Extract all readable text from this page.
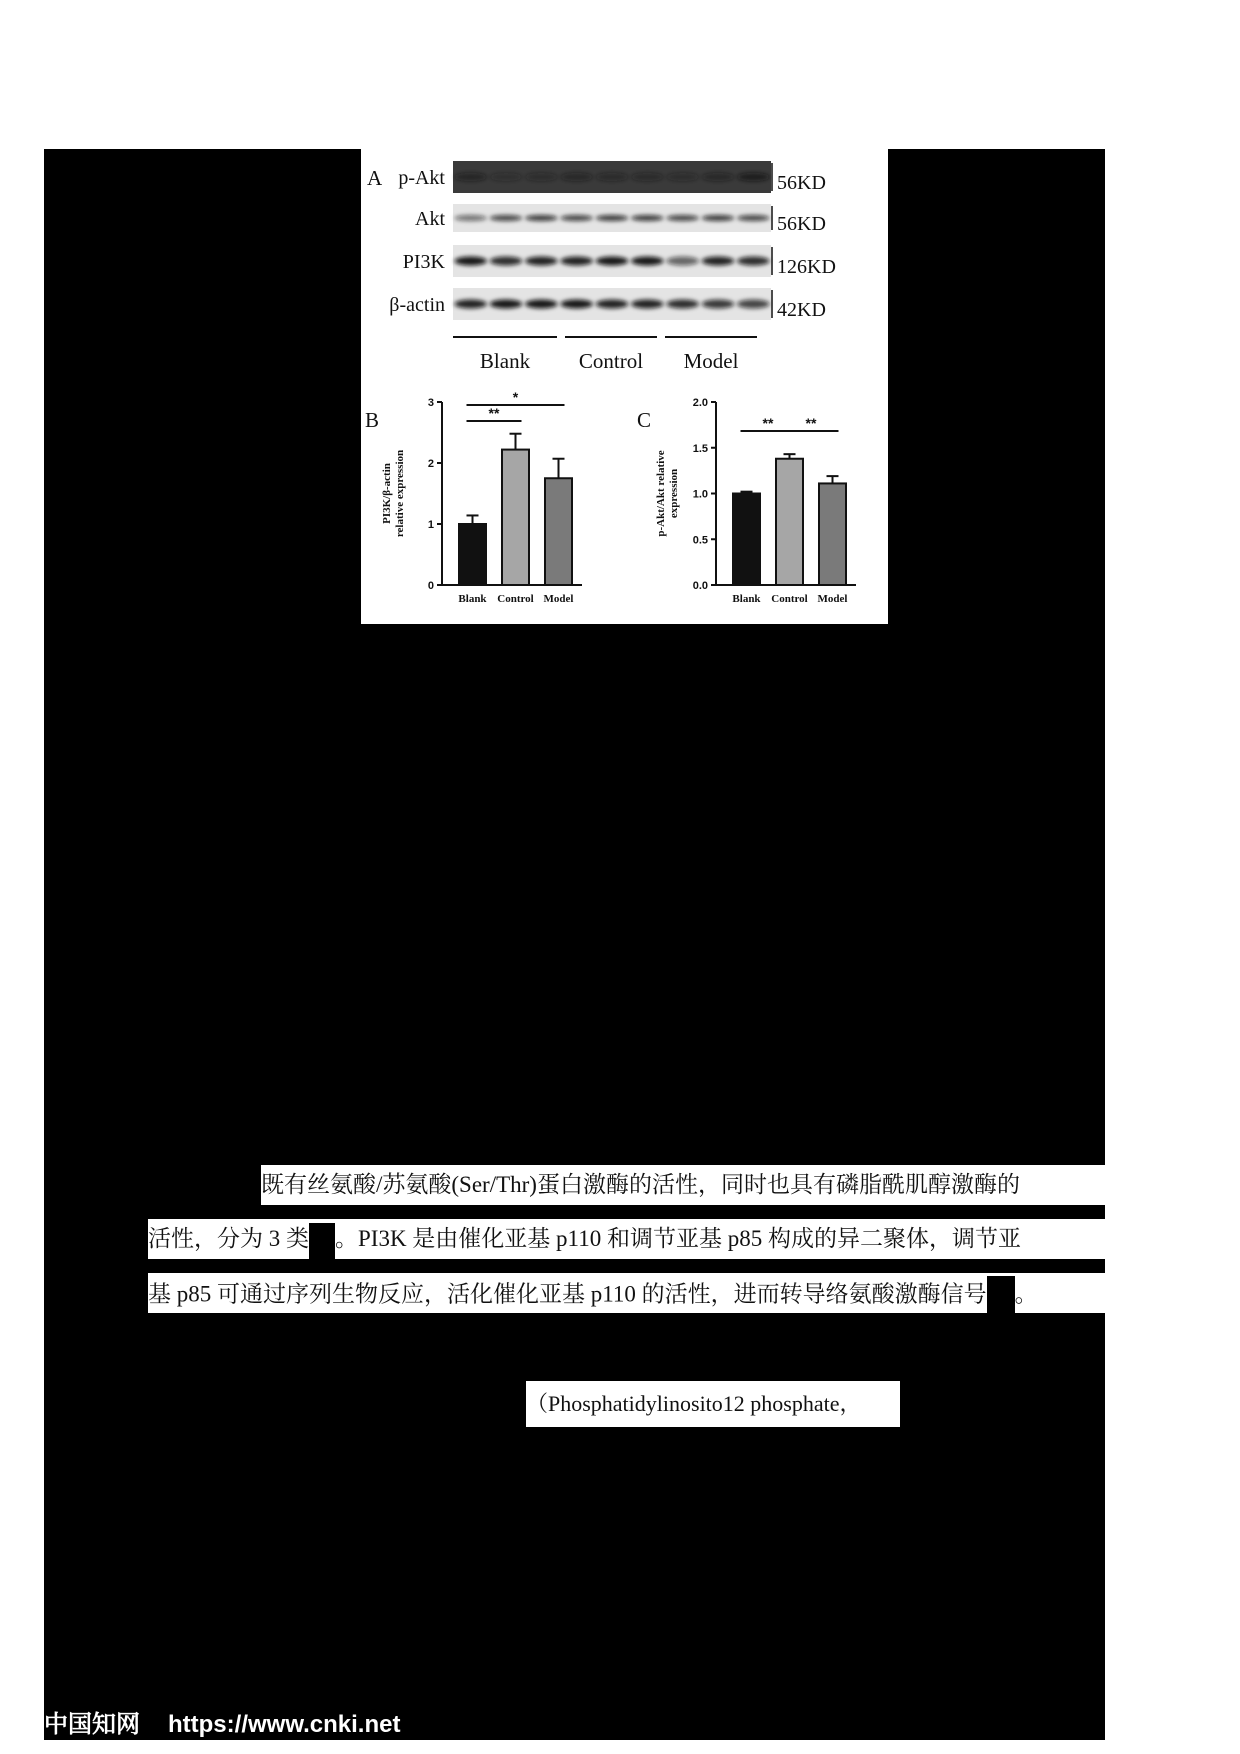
A p-Akt	56KD
Akt	56KD
PI3K	126KD
β-actin	42KD
Blank Control Model
B
0
1
2
3
PI3K/β-actinrelative expression
Blank Control Model
**
*
C
0.0
0.5
1.0
1.5
2.0
p-Akt/Akt relativeexpression
Blank Control Model
** **
既有丝氨酸/苏氨酸(Ser/Thr)蛋白激酶的活性，同时也具有磷脂酰肌醇激酶的
活性，分为 3 类 。PI3K 是由催化亚基 p110 和调节亚基 p85 构成的异二聚体，调节亚
基 p85 可通过序列生物反应，活化催化亚基 p110 的活性，进而转导络氨酸激酶信号 。
（Phosphatidylinosito12 phosphate，
中国知网 https://www.cnki.net
